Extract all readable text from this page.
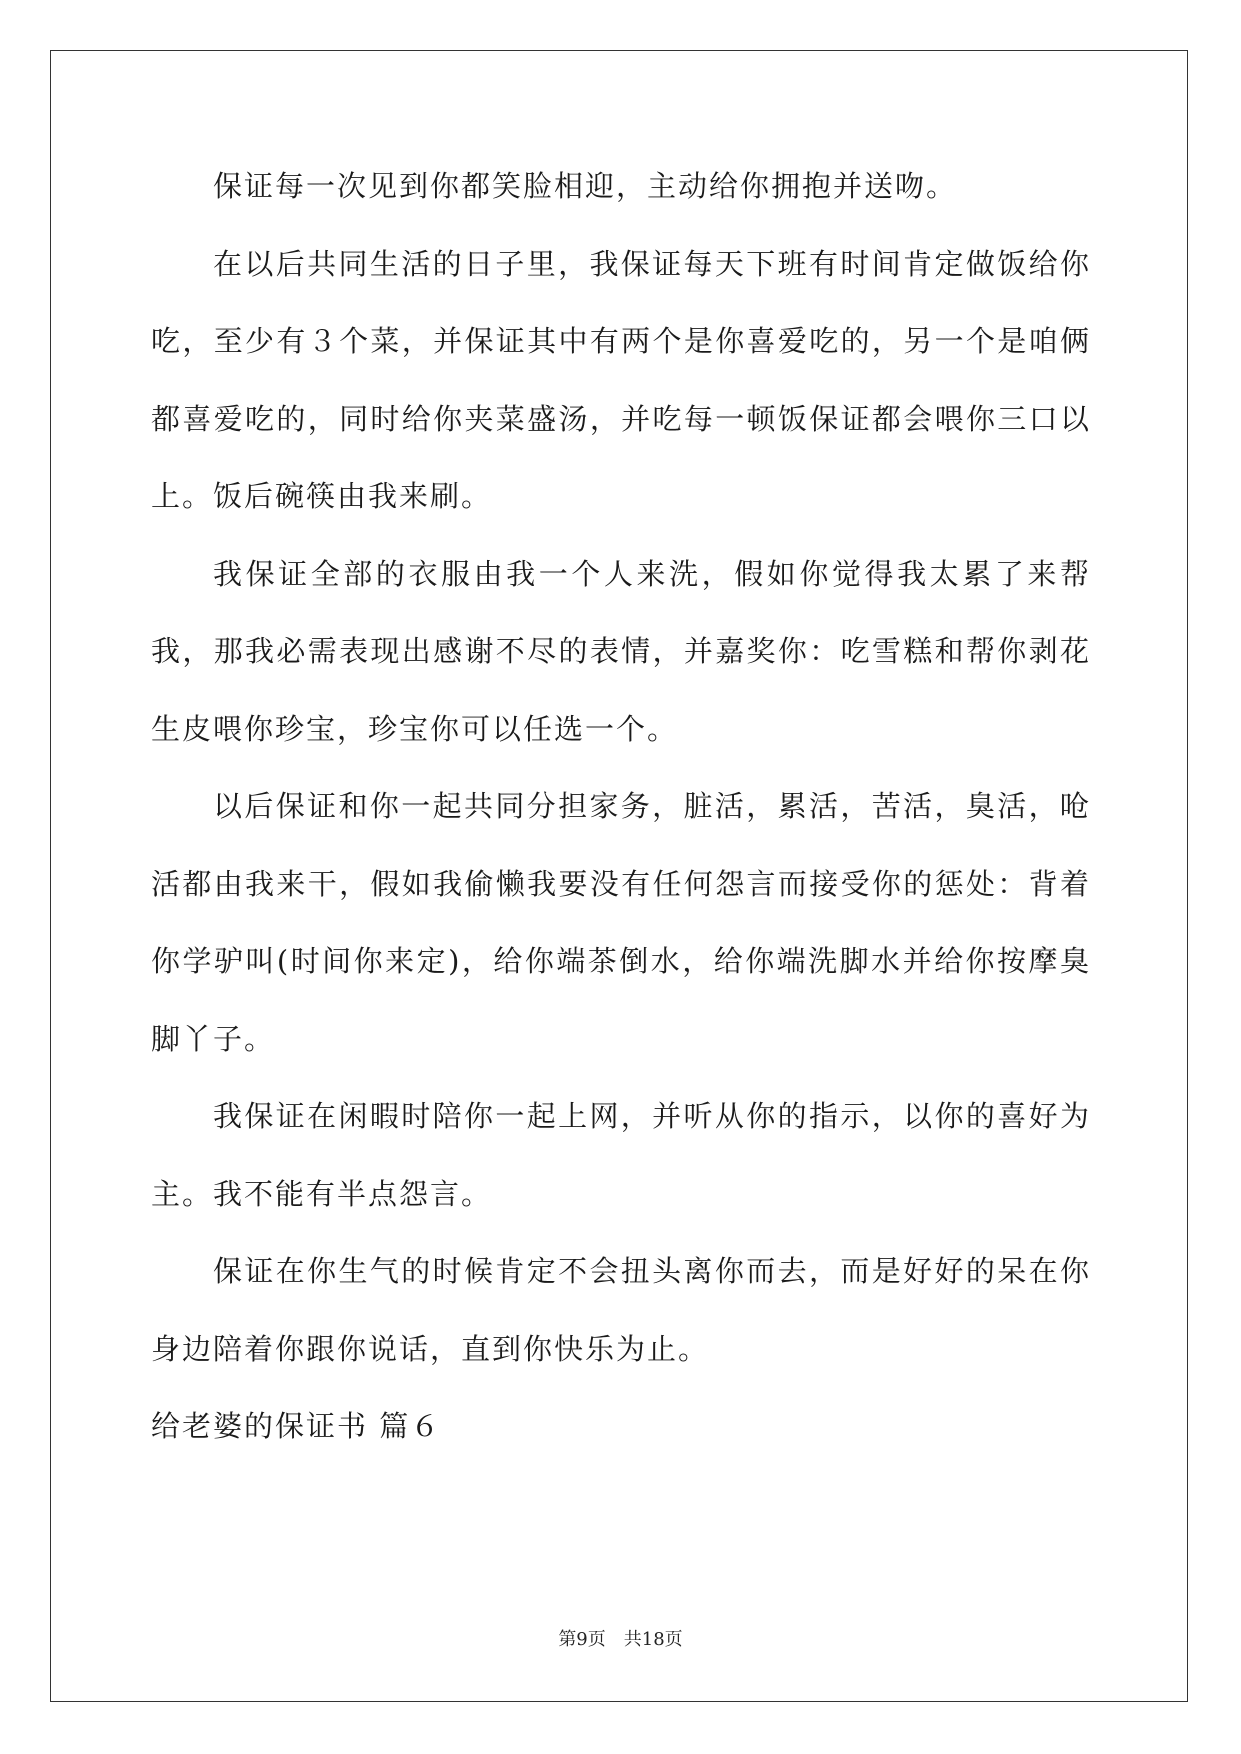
保证每一次见到你都笑脸相迎，主动给你拥抱并送吻。

在以后共同生活的日子里，我保证每天下班有时间肯定做饭给你吃，至少有３个菜，并保证其中有两个是你喜爱吃的，另一个是咱俩都喜爱吃的，同时给你夹菜盛汤，并吃每一顿饭保证都会喂你三口以上。饭后碗筷由我来刷。

我保证全部的衣服由我一个人来洗，假如你觉得我太累了来帮我，那我必需表现出感谢不尽的表情，并嘉奖你：吃雪糕和帮你剥花生皮喂你珍宝，珍宝你可以任选一个。

以后保证和你一起共同分担家务，脏活，累活，苦活，臭活，呛活都由我来干，假如我偷懒我要没有任何怨言而接受你的惩处：背着你学驴叫(时间你来定)，给你端茶倒水，给你端洗脚水并给你按摩臭脚丫子。

我保证在闲暇时陪你一起上网，并听从你的指示，以你的喜好为主。我不能有半点怨言。

保证在你生气的时候肯定不会扭头离你而去，而是好好的呆在你身边陪着你跟你说话，直到你快乐为止。

给老婆的保证书 篇６

第9页　共18页
